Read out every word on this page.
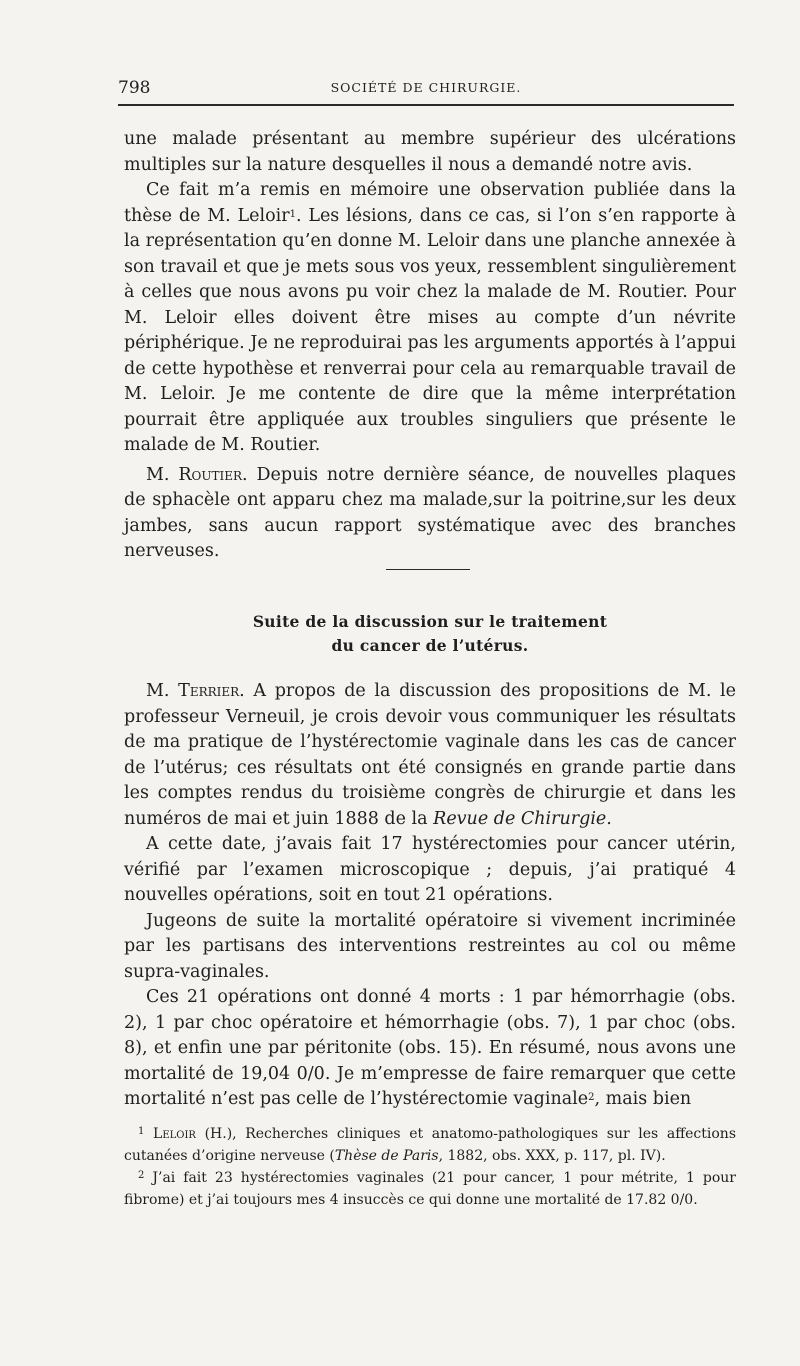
798	SOCIÉTÉ DE CHIRURGIE.

une malade présentant au membre supérieur des ulcérations multiples sur la nature desquelles il nous a demandé notre avis.

Ce fait m’a remis en mémoire une observation publiée dans la thèse de M. Leloir$^1$. Les lésions, dans ce cas, si l’on s’en rapporte à la représentation qu’en donne M. Leloir dans une planche annexée à son travail et que je mets sous vos yeux, ressemblent singulièrement à celles que nous avons pu voir chez la malade de M. Routier. Pour M. Leloir elles doivent être mises au compte d’un névrite périphérique. Je ne reproduirai pas les arguments apportés à l’appui de cette hypothèse et renverrai pour cela au remarquable travail de M. Leloir. Je me contente de dire que la même interprétation pourrait être appliquée aux troubles singuliers que présente le malade de M. Routier.

M. Routier. Depuis notre dernière séance, de nouvelles plaques de sphacèle ont apparu chez ma malade,sur la poitrine,sur les deux jambes, sans aucun rapport systématique avec des branches nerveuses.

Suite de la discussion sur le traitement
du cancer de l’utérus.

M. Terrier. A propos de la discussion des propositions de M. le professeur Verneuil, je crois devoir vous communiquer les résultats de ma pratique de l’hystérectomie vaginale dans les cas de cancer de l’utérus; ces résultats ont été consignés en grande partie dans les comptes rendus du troisième congrès de chirurgie et dans les numéros de mai et juin 1888 de la Revue de Chirurgie.

A cette date, j’avais fait 17 hystérectomies pour cancer utérin, vérifié par l’examen microscopique ; depuis, j’ai pratiqué 4 nouvelles opérations, soit en tout 21 opérations.

Jugeons de suite la mortalité opératoire si vivement incriminée par les partisans des interventions restreintes au col ou même supra-vaginales.

Ces 21 opérations ont donné 4 morts : 1 par hémorrhagie (obs. 2), 1 par choc opératoire et hémorrhagie (obs. 7), 1 par choc (obs. 8), et enfin une par péritonite (obs. 15). En résumé, nous avons une mortalité de 19,04 0/0. Je m’empresse de faire remarquer que cette mortalité n’est pas celle de l’hystérectomie vaginale$^2$, mais bien

$^1$ Leloir (H.), Recherches cliniques et anatomo-pathologiques sur les affections cutanées d’origine nerveuse (Thèse de Paris, 1882, obs. XXX, p. 117, pl. IV).

$^2$ J’ai fait 23 hystérectomies vaginales (21 pour cancer, 1 pour métrite, 1 pour fibrome) et j’ai toujours mes 4 insuccès ce qui donne une mortalité de 17.82 0/0.
